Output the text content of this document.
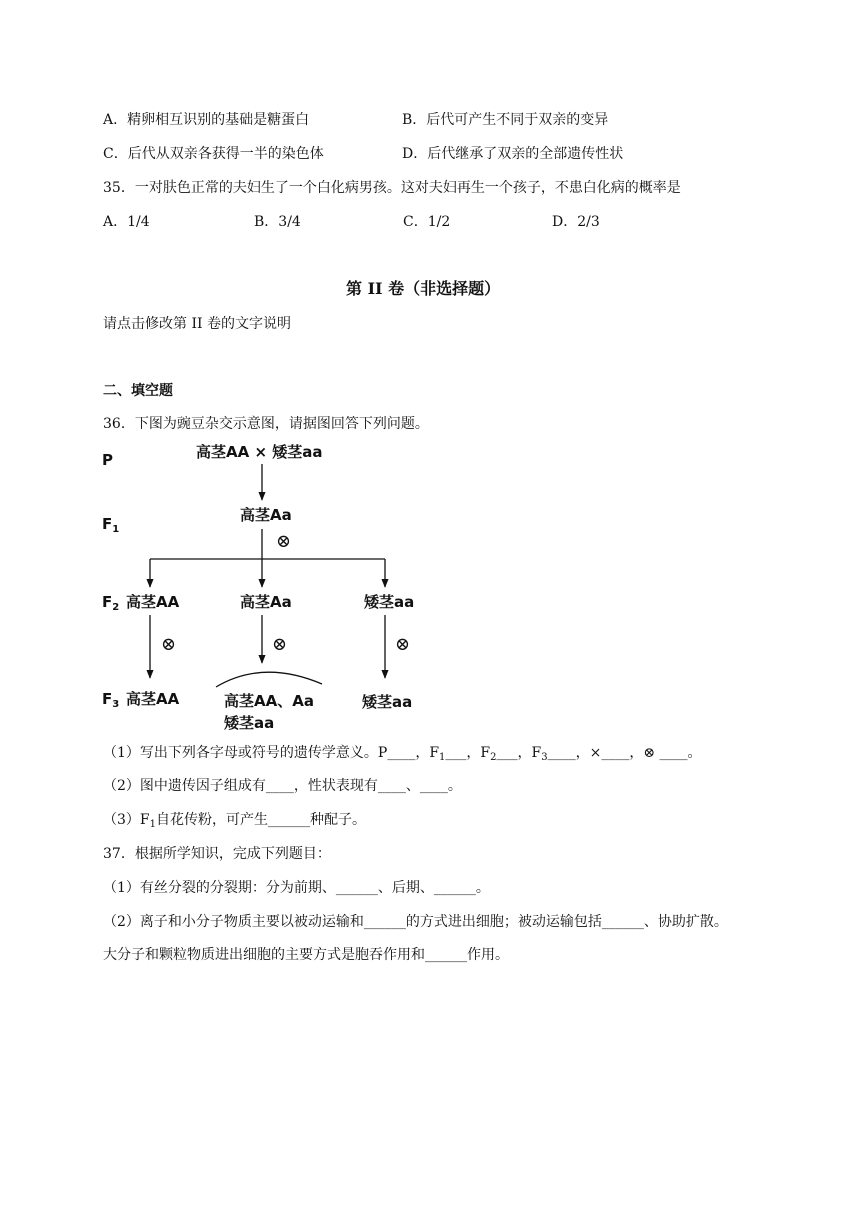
A．精卵相互识别的基础是糖蛋白	B．后代可产生不同于双亲的变异
C．后代从双亲各获得一半的染色体	D．后代继承了双亲的全部遗传性状
35．一对肤色正常的夫妇生了一个白化病男孩。这对夫妇再生一个孩子，不患白化病的概率是
A．1/4	B．3/4	C．1/2	D．2/3
第 II 卷（非选择题）
请点击修改第 II 卷的文字说明
二、填空题
36．下图为豌豆杂交示意图，请据图回答下列问题。
P
$F_1$
$F_2$
$F_3$
高茎AA × 矮茎aa
高茎Aa
高茎AA	高茎Aa	矮茎aa
高茎AA	高茎AA、Aa
矮茎aa
矮茎aa
⊗
⊗	⊗	⊗
（1）写出下列各字母或符号的遗传学意义。P____，$F_1\_\_\_$，$F_2\_\_\_$，$F_3\_\_\_\_$，×____，⊗ ____。
（2）图中遗传因子组成有____，性状表现有____、____。
$(3)F_1$自花传粉，可产生______种配子。
37．根据所学知识，完成下列题目：
（1）有丝分裂的分裂期：分为前期、______、后期、______。
（2）离子和小分子物质主要以被动运输和______的方式进出细胞；被动运输包括______、协助扩散。
大分子和颗粒物质进出细胞的主要方式是胞吞作用和______作用。
